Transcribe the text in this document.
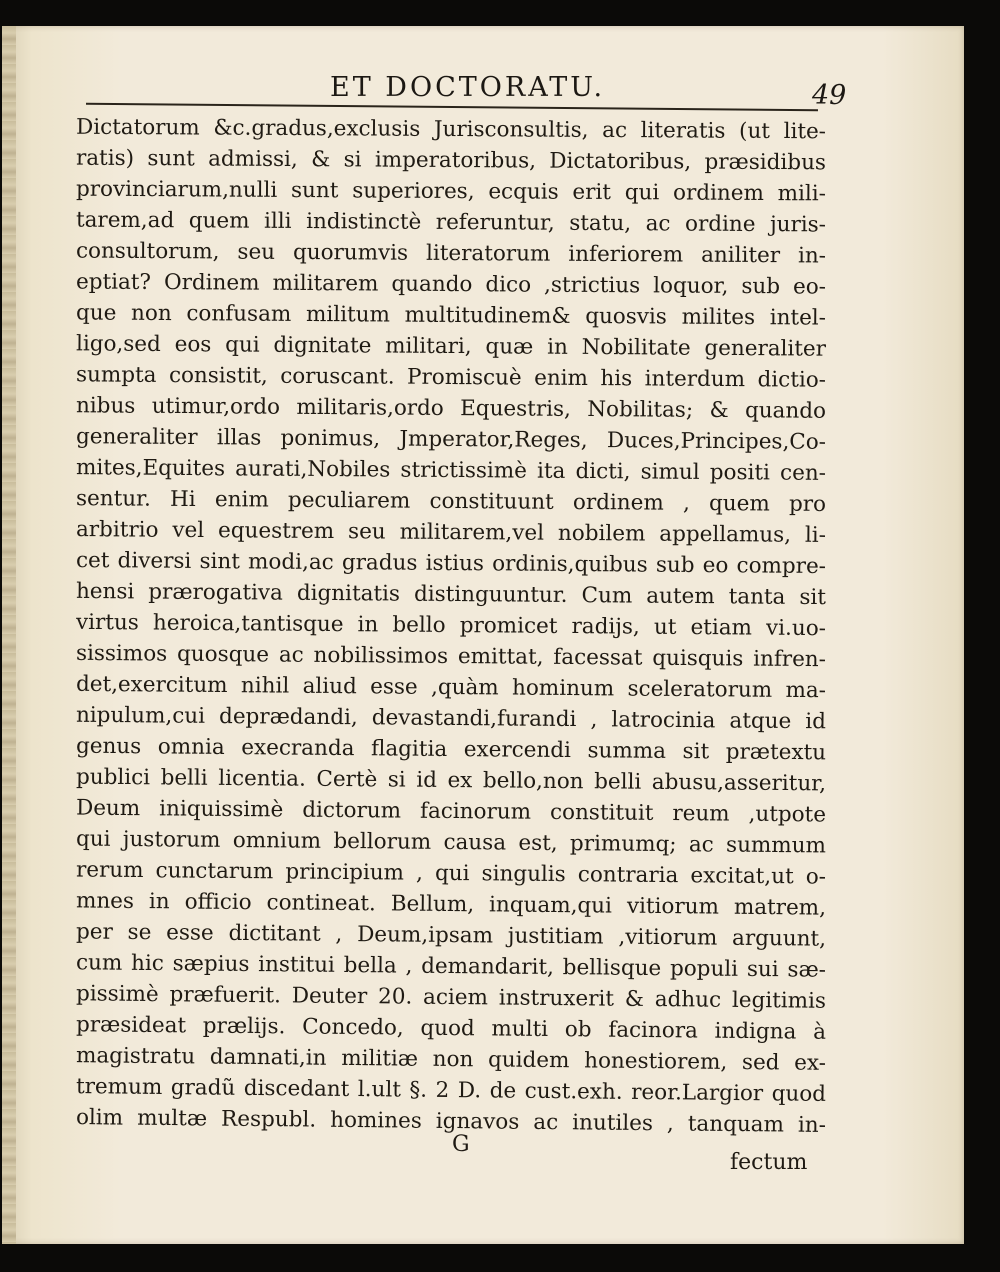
ET DOCTORATU.	49
Dictatorum &c.gradus,exclusis Jurisconsultis, ac literatis (ut lite-
ratis) sunt admissi, & si imperatoribus, Dictatoribus, præsidibus
provinciarum,nulli sunt superiores, ecquis erit qui ordinem mili-
tarem,ad quem illi indistinctè referuntur, statu, ac ordine juris-
consultorum, seu quorumvis literatorum inferiorem aniliter in-
eptiat? Ordinem militarem quando dico ,strictius loquor, sub eo-
que non confusam militum multitudinem& quosvis milites intel-
ligo,sed eos qui dignitate militari, quæ in Nobilitate generaliter
sumpta consistit, coruscant. Promiscuè enim his interdum dictio-
nibus utimur,ordo militaris,ordo Equestris, Nobilitas; & quando
generaliter illas ponimus, Jmperator,Reges, Duces,Principes,Co-
mites,Equites aurati,Nobiles strictissimè ita dicti, simul positi cen-
sentur. Hi enim peculiarem constituunt ordinem , quem pro
arbitrio vel equestrem seu militarem,vel nobilem appellamus, li-
cet diversi sint modi,ac gradus istius ordinis,quibus sub eo compre-
hensi prærogativa dignitatis distinguuntur. Cum autem tanta sit
virtus heroica,tantisque in bello promicet radijs, ut etiam vi.uo-
sissimos quosque ac nobilissimos emittat, facessat quisquis infren-
det,exercitum nihil aliud esse ,quàm hominum sceleratorum ma-
nipulum,cui deprædandi, devastandi,furandi , latrocinia atque id
genus omnia execranda flagitia exercendi summa sit prætextu
publici belli licentia. Certè si id ex bello,non belli abusu,asseritur,
Deum iniquissimè dictorum facinorum constituit reum ,utpote
qui justorum omnium bellorum causa est, primumq; ac summum
rerum cunctarum principium , qui singulis contraria excitat,ut o-
mnes in officio contineat. Bellum, inquam,qui vitiorum matrem,
per se esse dictitant , Deum,ipsam justitiam ,vitiorum arguunt,
cum hic sæpius institui bella , demandarit, bellisque populi sui sæ-
pissimè præfuerit. Deuter 20. aciem instruxerit & adhuc legitimis
præsideat prælijs. Concedo, quod multi ob facinora indigna à
magistratu damnati,in militiæ non quidem honestiorem, sed ex-
tremum gradũ discedant l.ult §. 2 D. de cust.exh. reor.Largior quod
olim multæ Respubl. homines ignavos ac inutiles , tanquam in-
G
fectum
